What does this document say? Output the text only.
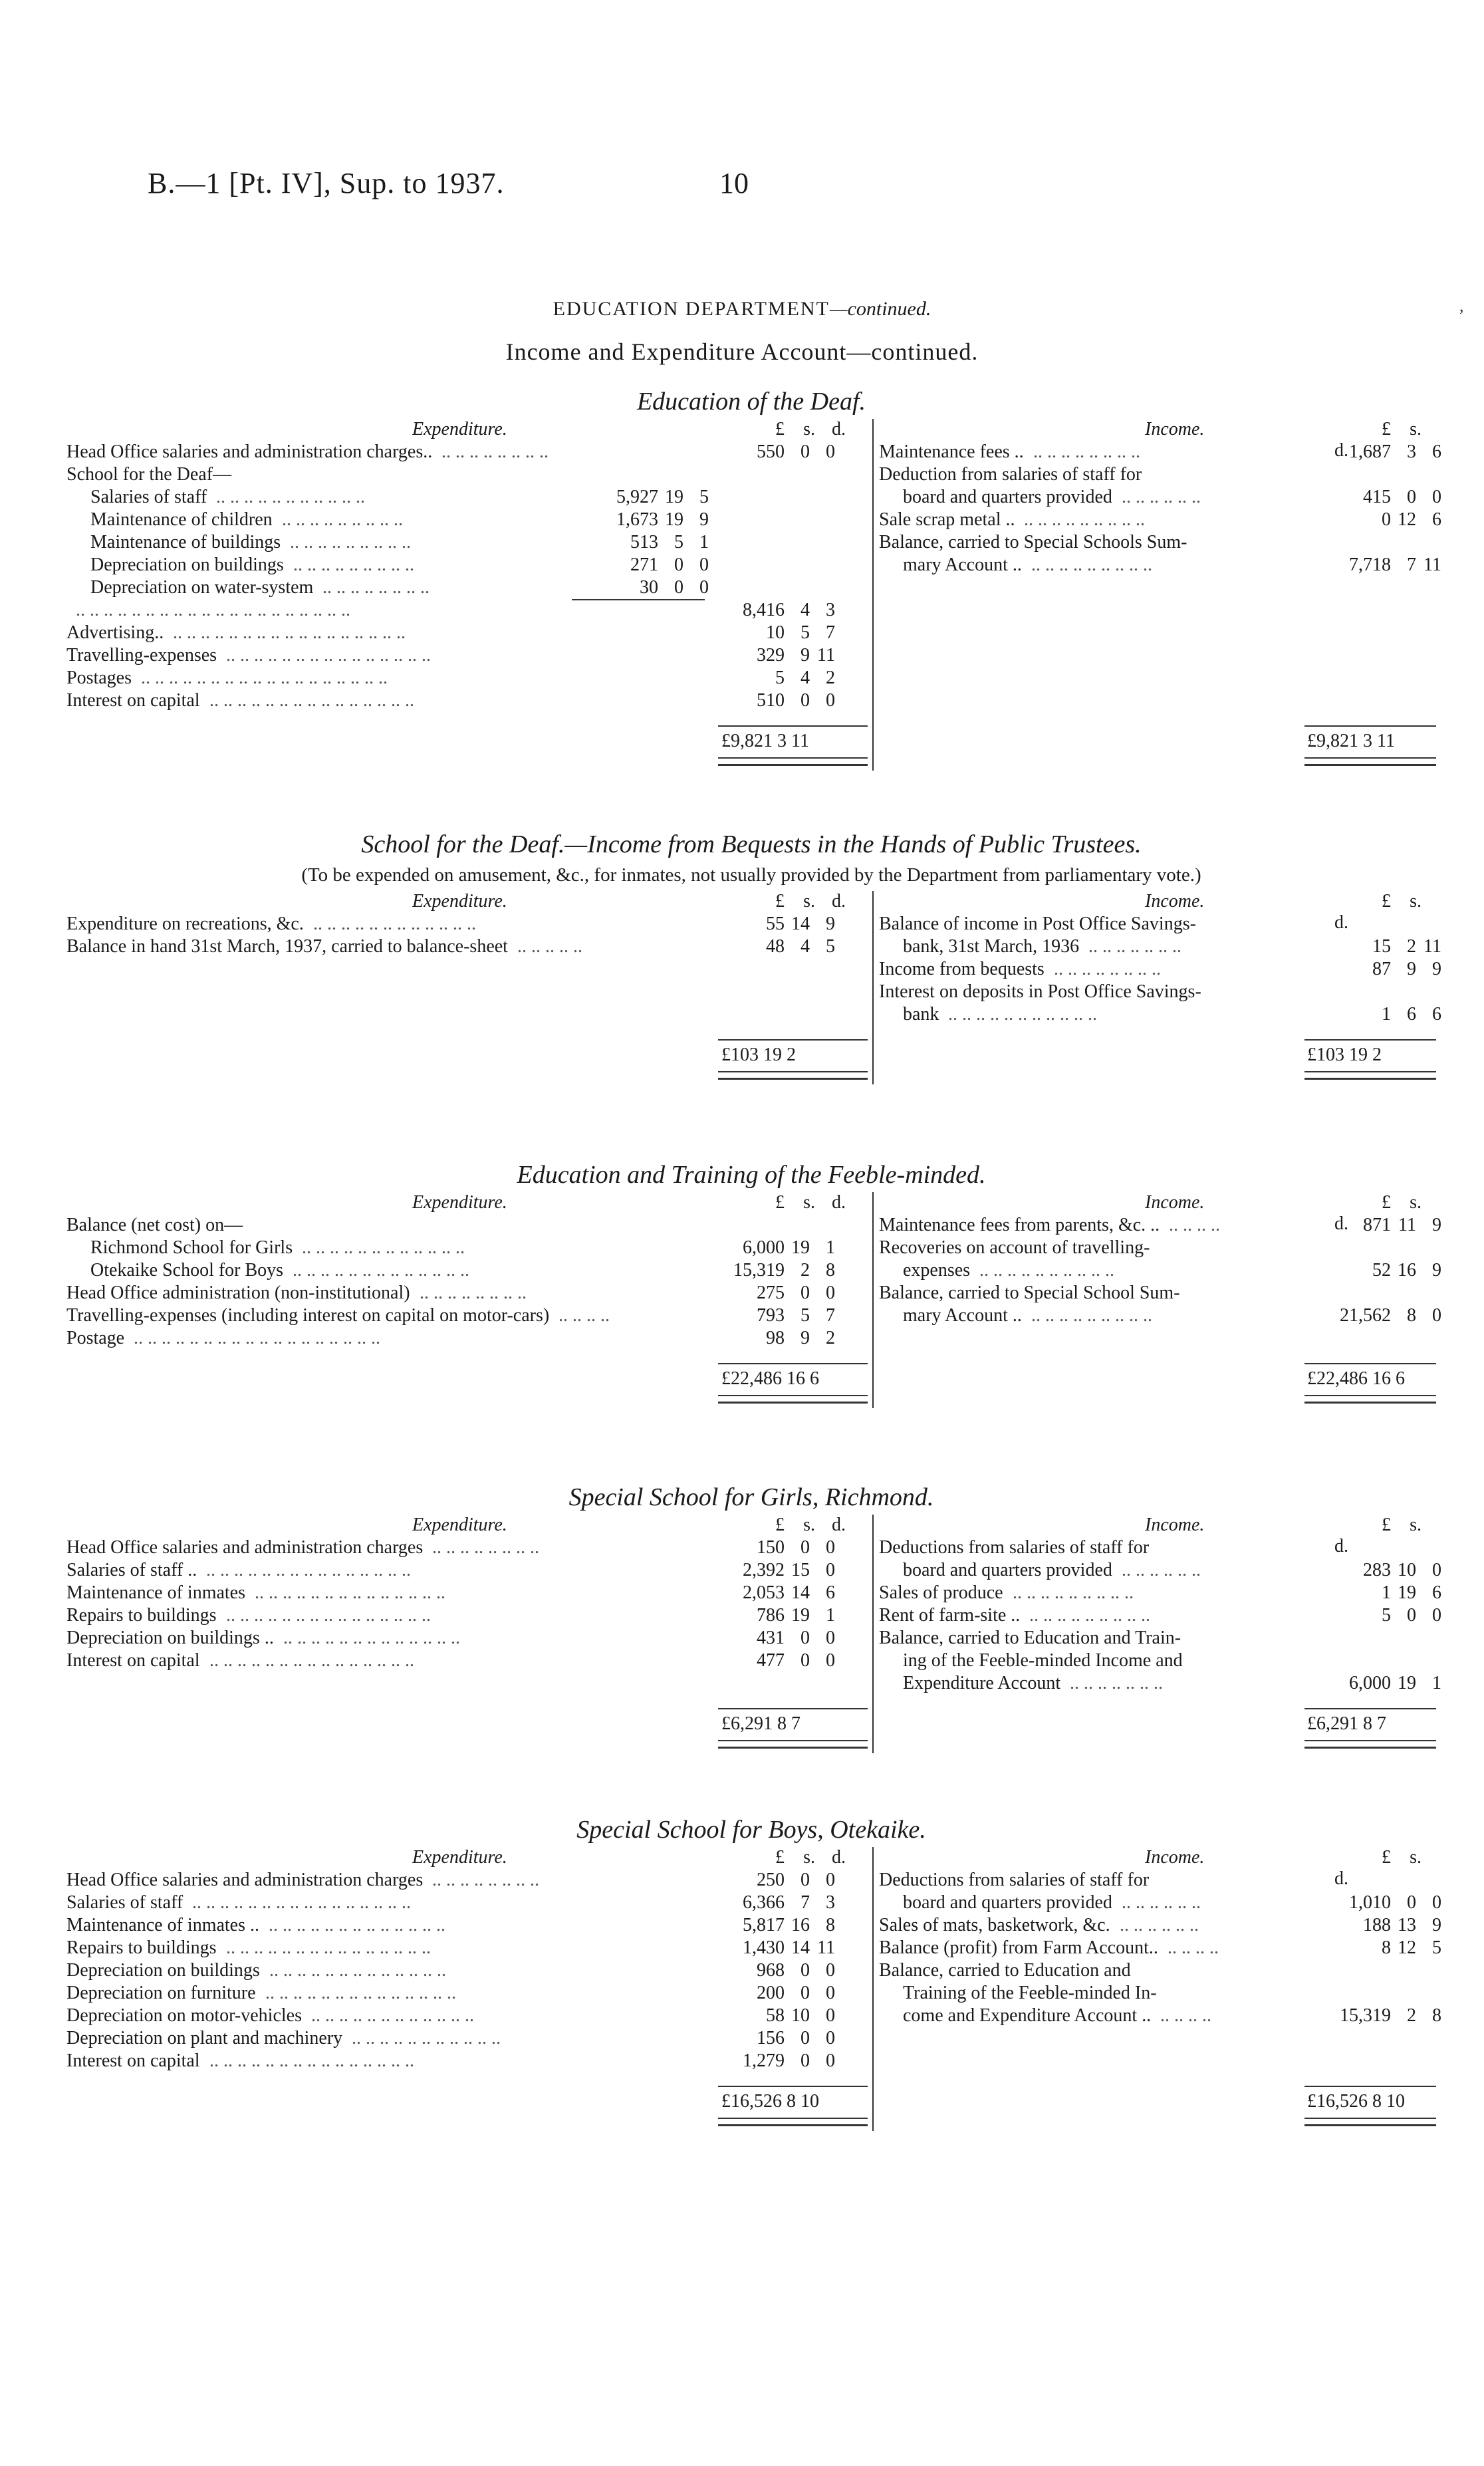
B.—1 [Pt. IV], Sup. to 1937.	10
,
EDUCATION DEPARTMENT—continued.
Income and Expenditure Account—continued.
Education of the Deaf.
Expenditure.	£ s. d.
Head Office salaries and administration charges..	550 0 0
.. .. .. .. .. .. .. ..
School for the Deaf—
Salaries of staff	5,927 19 5
.. .. .. .. .. .. .. .. .. .. ..
Maintenance of children	1,673 19 9
.. .. .. .. .. .. .. .. ..
Maintenance of buildings	513 5 1
.. .. .. .. .. .. .. .. ..
Depreciation on buildings	271 0 0
.. .. .. .. .. .. .. .. ..
Depreciation on water-system	30 0 0
.. .. .. .. .. .. .. ..
8,416 4 3
.. .. .. .. .. .. .. .. .. .. .. .. .. .. .. .. .. .. .. ..
Advertising..	10 5 7
.. .. .. .. .. .. .. .. .. .. .. .. .. .. .. .. ..
Travelling-expenses	329 9 11
.. .. .. .. .. .. .. .. .. .. .. .. .. .. ..
Postages	5 4 2
.. .. .. .. .. .. .. .. .. .. .. .. .. .. .. .. .. ..
Interest on capital	510 0 0
.. .. .. .. .. .. .. .. .. .. .. .. .. .. ..
Income.	£ s.d.
Maintenance fees ..	1,687 3 6
.. .. .. .. .. .. .. ..
Deduction from salaries of staff for
board and quarters provided	415 0 0
.. .. .. .. .. ..
Sale scrap metal ..	0 12 6
.. .. .. .. .. .. .. .. ..
Balance, carried to Special Schools Sum-
mary Account ..	7,718 7 11
.. .. .. .. .. .. .. .. ..
£9,821 3 11	£9,821 3 11
School for the Deaf.—Income from Bequests in the Hands of Public Trustees.
(To be expended on amusement, &c., for inmates, not usually provided by the Department from parliamentary vote.)
Expenditure.	£ s. d.
Expenditure on recreations, &c.	55 14 9
.. .. .. .. .. .. .. .. .. .. .. ..
Balance in hand 31st March, 1937, carried to balance-sheet	48 4 5
.. .. .. .. ..
Income.	£ s.d.
Balance of income in Post Office Savings-
bank, 31st March, 1936	15 2 11
.. .. .. .. .. .. ..
Income from bequests	87 9 9
.. .. .. .. .. .. .. ..
Interest on deposits in Post Office Savings-
bank	1 6 6
.. .. .. .. .. .. .. .. .. .. ..
£103 19 2	£103 19 2
Education and Training of the Feeble-minded.
Expenditure.	£ s. d.
Balance (net cost) on—
Richmond School for Girls	6,000 19 1
.. .. .. .. .. .. .. .. .. .. .. ..
Otekaike School for Boys	15,319 2 8
.. .. .. .. .. .. .. .. .. .. .. .. ..
Head Office administration (non-institutional)	275 0 0
.. .. .. .. .. .. .. ..
Travelling-expenses (including interest on capital on motor-cars)	793 5 7
.. .. .. ..
Postage	98 9 2
.. .. .. .. .. .. .. .. .. .. .. .. .. .. .. .. .. ..
Income.	£ s.d.
Maintenance fees from parents, &c. ..	871 11 9
.. .. .. ..
Recoveries on account of travelling-
expenses	52 16 9
.. .. .. .. .. .. .. .. .. ..
Balance, carried to Special School Sum-
mary Account ..	21,562 8 0
.. .. .. .. .. .. .. .. ..
£22,486 16 6	£22,486 16 6
Special School for Girls, Richmond.
Expenditure.	£ s. d.
Head Office salaries and administration charges	150 0 0
.. .. .. .. .. .. .. ..
Salaries of staff ..	2,392 15 0
.. .. .. .. .. .. .. .. .. .. .. .. .. .. ..
Maintenance of inmates	2,053 14 6
.. .. .. .. .. .. .. .. .. .. .. .. .. ..
Repairs to buildings	786 19 1
.. .. .. .. .. .. .. .. .. .. .. .. .. .. ..
Depreciation on buildings ..	431 0 0
.. .. .. .. .. .. .. .. .. .. .. .. ..
Interest on capital	477 0 0
.. .. .. .. .. .. .. .. .. .. .. .. .. .. ..
Income.	£ s.d.
Deductions from salaries of staff for
board and quarters provided	283 10 0
.. .. .. .. .. ..
Sales of produce	1 19 6
.. .. .. .. .. .. .. .. ..
Rent of farm-site ..	5 0 0
.. .. .. .. .. .. .. .. ..
Balance, carried to Education and Train-
ing of the Feeble-minded Income and
Expenditure Account	6,000 19 1
.. .. .. .. .. .. ..
£6,291 8 7	£6,291 8 7
Special School for Boys, Otekaike.
Expenditure.	£ s. d.
Head Office salaries and administration charges	250 0 0
.. .. .. .. .. .. .. ..
Salaries of staff	6,366 7 3
.. .. .. .. .. .. .. .. .. .. .. .. .. .. .. ..
Maintenance of inmates ..	5,817 16 8
.. .. .. .. .. .. .. .. .. .. .. .. ..
Repairs to buildings	1,430 14 11
.. .. .. .. .. .. .. .. .. .. .. .. .. .. ..
Depreciation on buildings	968 0 0
.. .. .. .. .. .. .. .. .. .. .. .. ..
Depreciation on furniture	200 0 0
.. .. .. .. .. .. .. .. .. .. .. .. .. ..
Depreciation on motor-vehicles	58 10 0
.. .. .. .. .. .. .. .. .. .. .. ..
Depreciation on plant and machinery	156 0 0
.. .. .. .. .. .. .. .. .. .. ..
Interest on capital	1,279 0 0
.. .. .. .. .. .. .. .. .. .. .. .. .. .. ..
Income.	£ s.d.
Deductions from salaries of staff for
board and quarters provided	1,010 0 0
.. .. .. .. .. ..
Sales of mats, basketwork, &c.	188 13 9
.. .. .. .. .. ..
Balance (profit) from Farm Account..	8 12 5
.. .. .. ..
Balance, carried to Education and
Training of the Feeble-minded In-
come and Expenditure Account ..	15,319 2 8
.. .. .. ..
£16,526 8 10	£16,526 8 10
